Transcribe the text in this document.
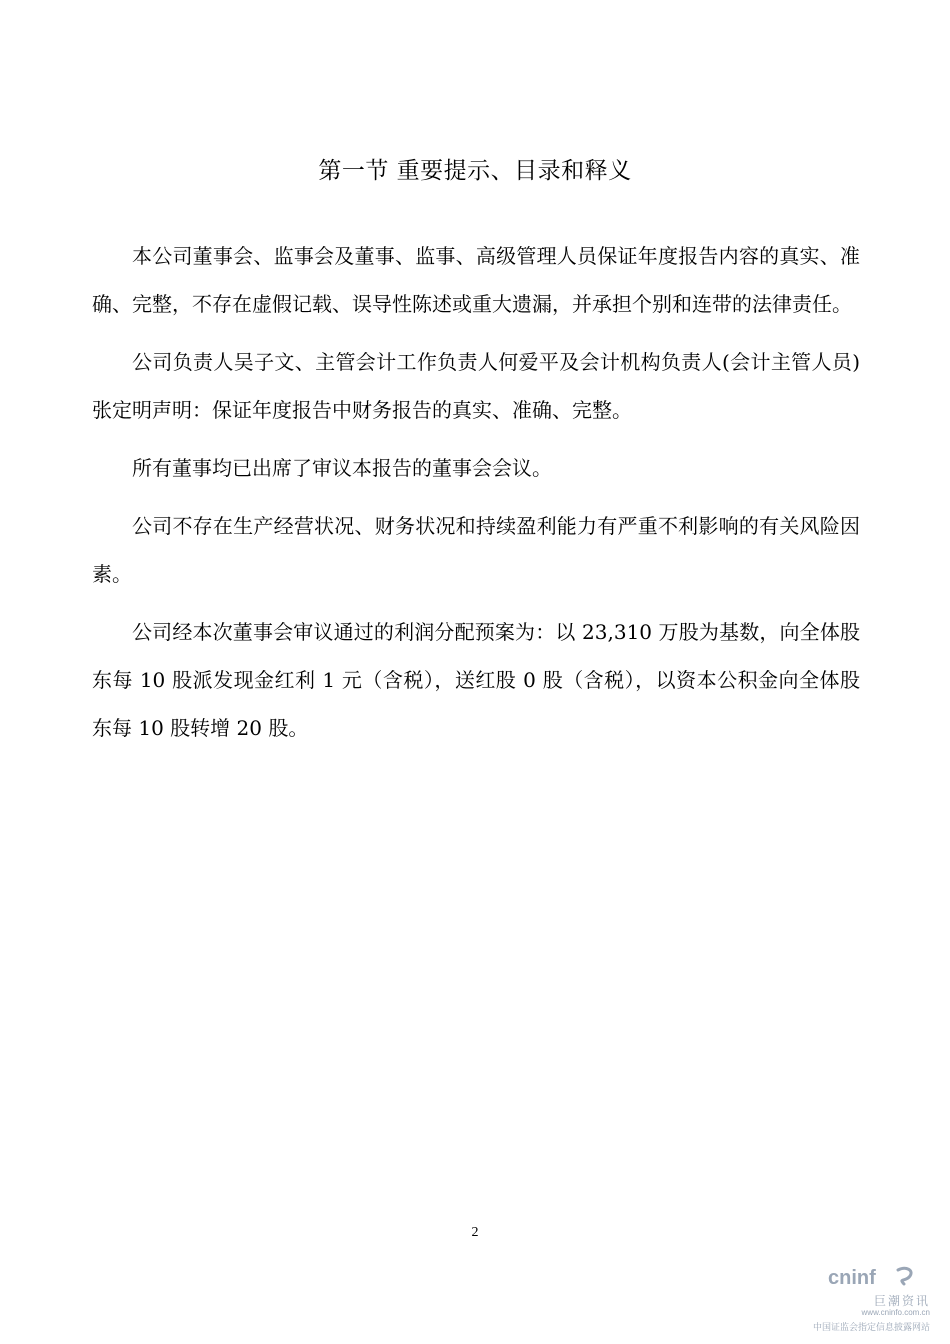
第一节 重要提示、目录和释义

本公司董事会、监事会及董事、监事、高级管理人员保证年度报告内容的真实、准确、完整，不存在虚假记载、误导性陈述或重大遗漏，并承担个别和连带的法律责任。

公司负责人吴子文、主管会计工作负责人何爱平及会计机构负责人(会计主管人员)张定明声明：保证年度报告中财务报告的真实、准确、完整。

所有董事均已出席了审议本报告的董事会会议。

公司不存在生产经营状况、财务状况和持续盈利能力有严重不利影响的有关风险因素。

公司经本次董事会审议通过的利润分配预案为：以 23,310 万股为基数，向全体股东每 10 股派发现金红利 1 元（含税），送红股 0 股（含税），以资本公积金向全体股东每 10 股转增 20 股。

2
cninf
巨潮资讯
www.cninfo.com.cn
中国证监会指定信息披露网站
